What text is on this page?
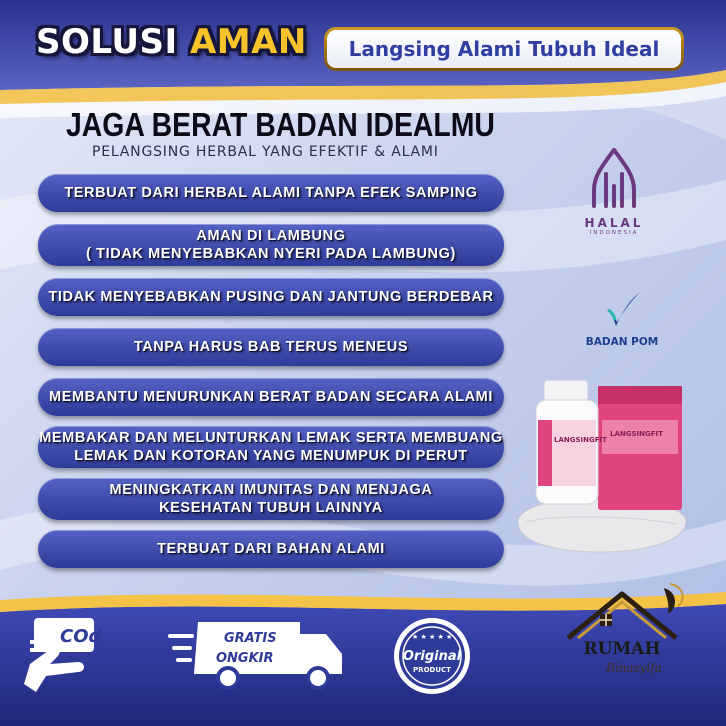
SOLUSI AMAN	Langsing Alami Tubuh Ideal
JAGA BERAT BADAN IDEALMU
PELANGSING HERBAL YANG EFEKTIF & ALAMI
TERBUAT DARI HERBAL ALAMI TANPA EFEK SAMPING
AMAN DI LAMBUNG
( TIDAK MENYEBABKAN NYERI PADA LAMBUNG)
TIDAK MENYEBABKAN PUSING DAN JANTUNG BERDEBAR
TANPA HARUS BAB TERUS MENEUS
MEMBANTU MENURUNKAN BERAT BADAN SECARA ALAMI
MEMBAKAR DAN MELUNTURKAN LEMAK SERTA MEMBUANG
LEMAK DAN KOTORAN YANG MENUMPUK DI PERUT
MENINGKATKAN IMUNITAS DAN MENJAGA
KESEHATAN TUBUH LAINNYA
TERBUAT DARI BAHAN ALAMI
HALAL
INDONESIA
BADAN POM
LANGSINGFIT
LANGSINGFIT
COd	GRATIS
ONGKIR
★ ★ ★ ★ ★
Original
PRODUCT
RUMAH
Binasyifa
